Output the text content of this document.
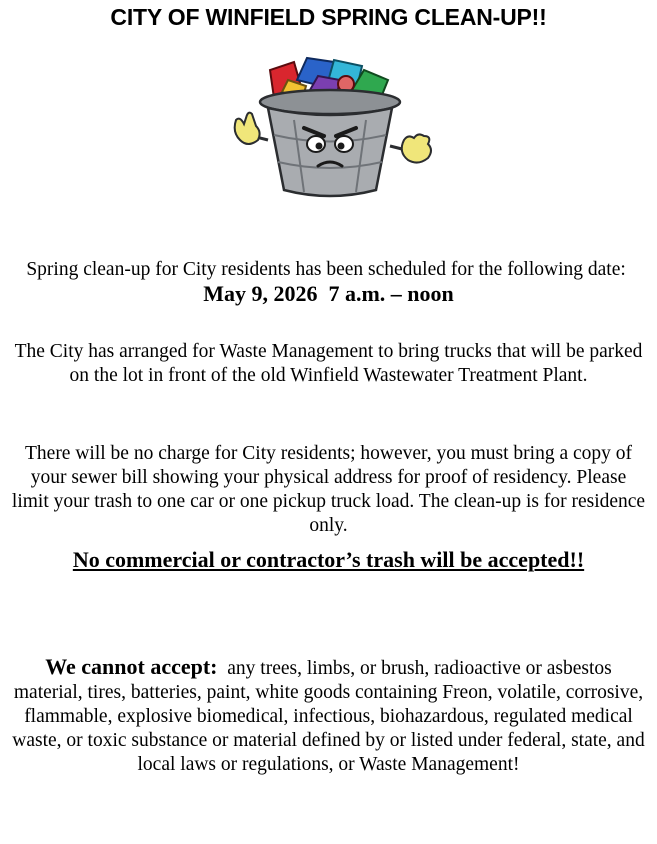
CITY OF WINFIELD SPRING CLEAN-UP!!

Spring clean-up for City residents has been scheduled for the following date:  May 9, 2026  7 a.m. – noon

The City has arranged for Waste Management to bring trucks that will be parked on the lot in front of the old Winfield Wastewater Treatment Plant.

There will be no charge for City residents; however, you must bring a copy of your sewer bill showing your physical address for proof of residency. Please limit your trash to one car or one pickup truck load. The clean-up is for residence only.

No commercial or contractor’s trash will be accepted!!

We cannot accept: any trees, limbs, or brush, radioactive or asbestos material, tires, batteries, paint, white goods containing Freon, volatile, corrosive, flammable, explosive biomedical, infectious, biohazardous, regulated medical waste, or toxic substance or material defined by or listed under federal, state, and local laws or regulations, or Waste Management!
